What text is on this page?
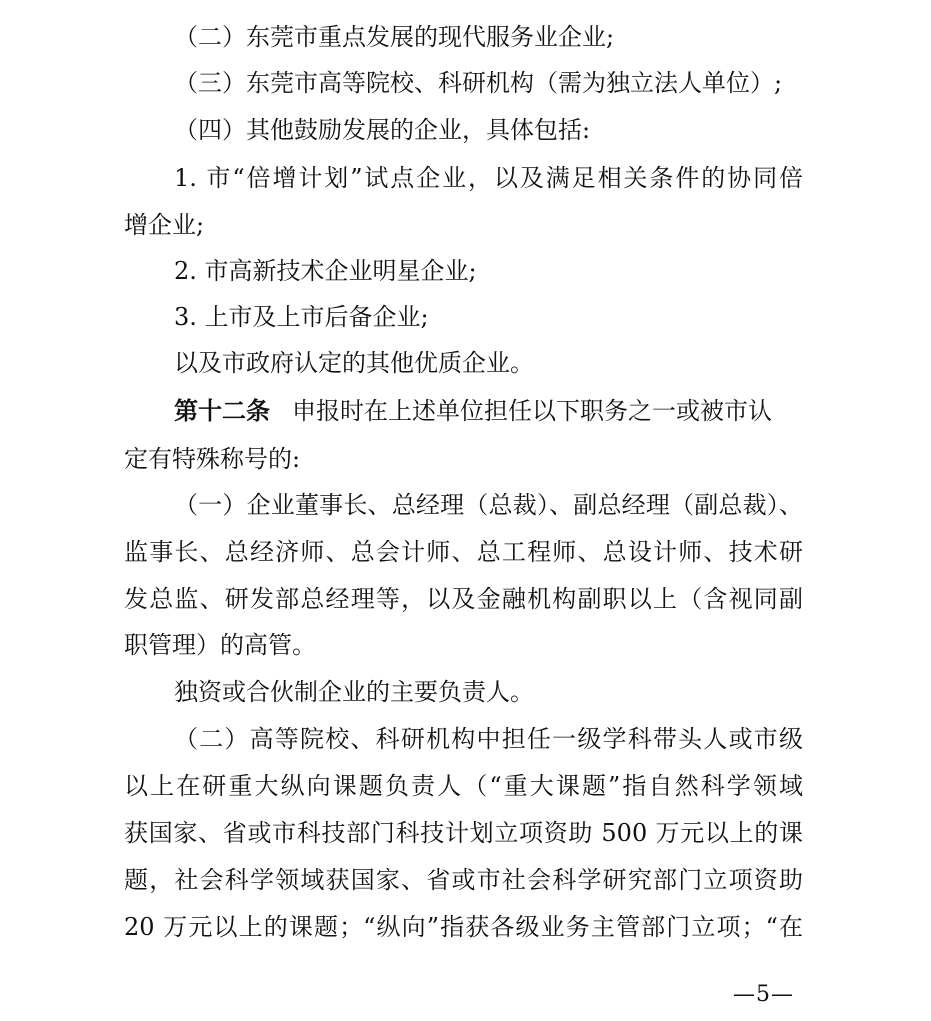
（二）东莞市重点发展的现代服务业企业;
（三）东莞市高等院校、科研机构（需为独立法人单位）;
（四）其他鼓励发展的企业，具体包括:
1. 市“倍增计划”试点企业，以及满足相关条件的协同倍
增企业;
2. 市高新技术企业明星企业;
3. 上市及上市后备企业;
以及市政府认定的其他优质企业。
第十二条 申报时在上述单位担任以下职务之一或被市认
定有特殊称号的:
（一）企业董事长、总经理（总裁）、副总经理（副总裁）、
监事长、总经济师、总会计师、总工程师、总设计师、技术研
发总监、研发部总经理等，以及金融机构副职以上（含视同副
职管理）的高管。
独资或合伙制企业的主要负责人。
（二）高等院校、科研机构中担任一级学科带头人或市级
以上在研重大纵向课题负责人（“重大课题”指自然科学领域
获国家、省或市科技部门科技计划立项资助 500 万元以上的课
题，社会科学领域获国家、省或市社会科学研究部门立项资助
20 万元以上的课题；“纵向”指获各级业务主管部门立项；“在
—5—
